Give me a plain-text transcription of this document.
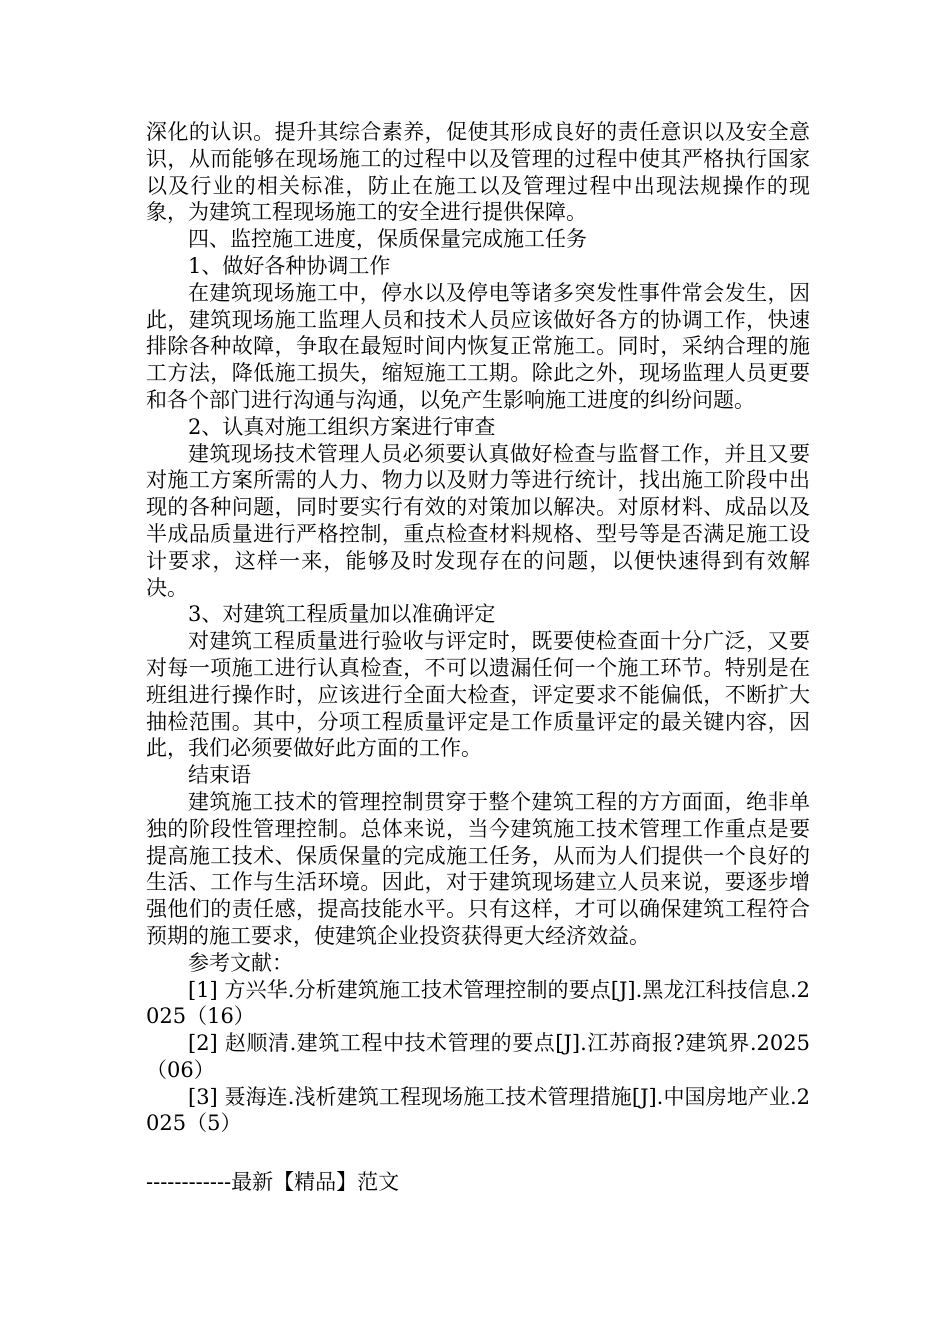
深化的认识。提升其综合素养，促使其形成良好的责任意识以及安全意识，从而能够在现场施工的过程中以及管理的过程中使其严格执行国家以及行业的相关标准，防止在施工以及管理过程中出现法规操作的现象，为建筑工程现场施工的安全进行提供保障。

四、监控施工进度，保质保量完成施工任务

1、做好各种协调工作

在建筑现场施工中，停水以及停电等诸多突发性事件常会发生，因此，建筑现场施工监理人员和技术人员应该做好各方的协调工作，快速排除各种故障，争取在最短时间内恢复正常施工。同时，采纳合理的施工方法，降低施工损失，缩短施工工期。除此之外，现场监理人员更要和各个部门进行沟通与沟通，以免产生影响施工进度的纠纷问题。

2、认真对施工组织方案进行审查

建筑现场技术管理人员必须要认真做好检查与监督工作，并且又要对施工方案所需的人力、物力以及财力等进行统计，找出施工阶段中出现的各种问题，同时要实行有效的对策加以解决。对原材料、成品以及半成品质量进行严格控制，重点检查材料规格、型号等是否满足施工设计要求，这样一来，能够及时发现存在的问题，以便快速得到有效解决。

3、对建筑工程质量加以准确评定

对建筑工程质量进行验收与评定时，既要使检查面十分广泛，又要对每一项施工进行认真检查，不可以遗漏任何一个施工环节。特别是在班组进行操作时，应该进行全面大检查，评定要求不能偏低，不断扩大抽检范围。其中，分项工程质量评定是工作质量评定的最关键内容，因此，我们必须要做好此方面的工作。

结束语

建筑施工技术的管理控制贯穿于整个建筑工程的方方面面，绝非单独的阶段性管理控制。总体来说，当今建筑施工技术管理工作重点是要提高施工技术、保质保量的完成施工任务，从而为人们提供一个良好的生活、工作与生活环境。因此，对于建筑现场建立人员来说，要逐步增强他们的责任感，提高技能水平。只有这样，才可以确保建筑工程符合预期的施工要求，使建筑企业投资获得更大经济效益。

参考文献：

[1] 方兴华.分析建筑施工技术管理控制的要点[J].黑龙江科技信息.2025（16）

[2] 赵顺清.建筑工程中技术管理的要点[J].江苏商报?建筑界.2025（06）

[3] 聂海连.浅析建筑工程现场施工技术管理措施[J].中国房地产业.2025（5）

------------最新【精品】范文
